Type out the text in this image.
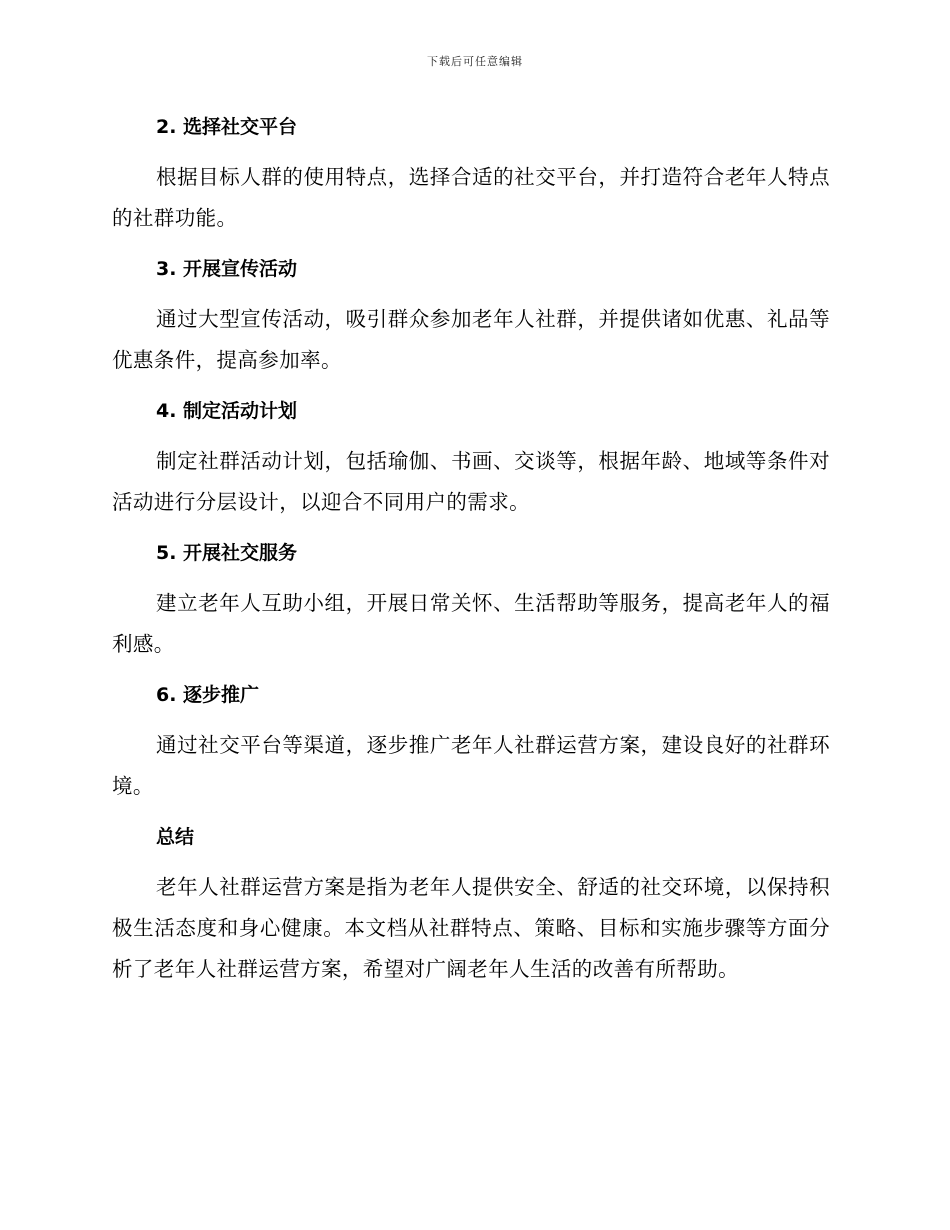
下载后可任意编辑
2. 选择社交平台

根据目标人群的使用特点，选择合适的社交平台，并打造符合老年人特点的社群功能。

3. 开展宣传活动

通过大型宣传活动，吸引群众参加老年人社群，并提供诸如优惠、礼品等优惠条件，提高参加率。

4. 制定活动计划

制定社群活动计划，包括瑜伽、书画、交谈等，根据年龄、地域等条件对活动进行分层设计，以迎合不同用户的需求。

5. 开展社交服务

建立老年人互助小组，开展日常关怀、生活帮助等服务，提高老年人的福利感。

6. 逐步推广

通过社交平台等渠道，逐步推广老年人社群运营方案，建设良好的社群环境。

总结

老年人社群运营方案是指为老年人提供安全、舒适的社交环境，以保持积极生活态度和身心健康。本文档从社群特点、策略、目标和实施步骤等方面分析了老年人社群运营方案，希望对广阔老年人生活的改善有所帮助。
